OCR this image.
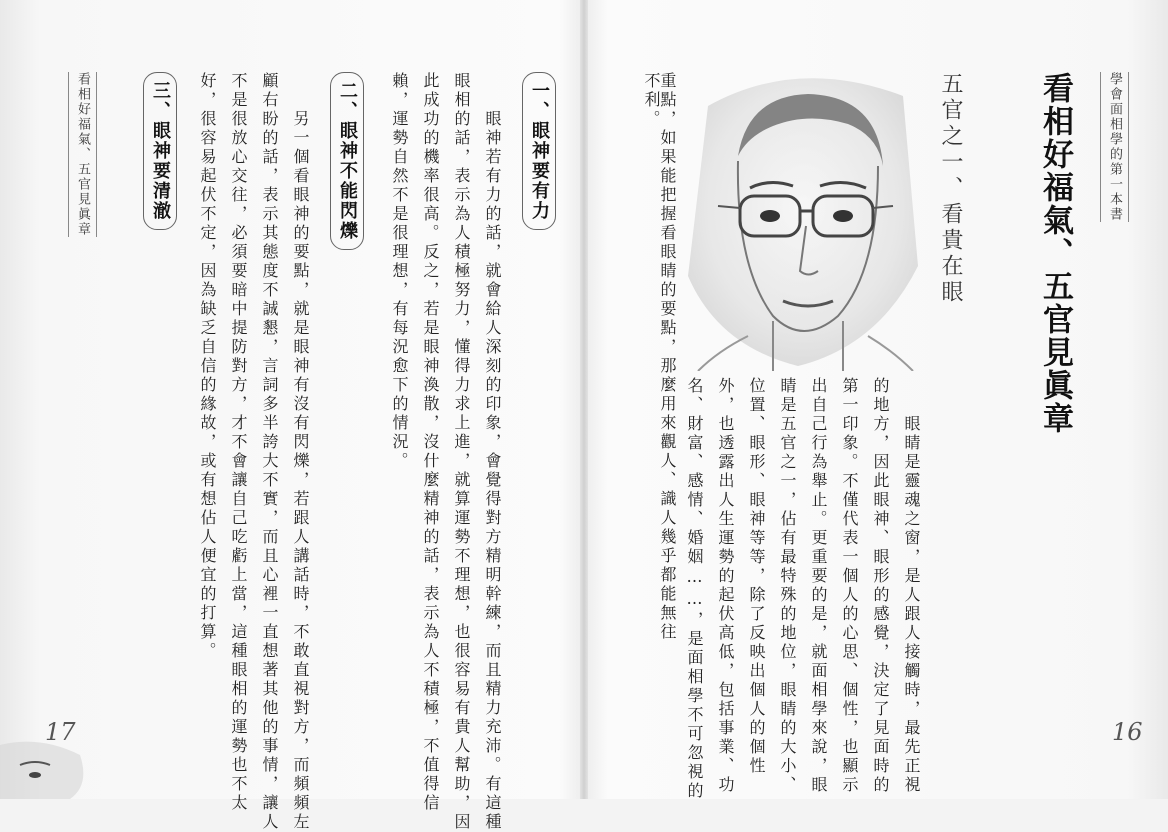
學會面相學的第一本書
看相好福氣、五官見眞章
五官之一、看貴在眼
眼睛是靈魂之窗，是人跟人接觸時，最先正視
的地方，因此眼神、眼形的感覺，決定了見面時的
第一印象。不僅代表一個人的心思、個性，也顯示
出自己行為舉止。更重要的是，就面相學來說，眼
睛是五官之一，佔有最特殊的地位，眼睛的大小、
位置、眼形、眼神等等，除了反映出個人的個性
外，也透露出人生運勢的起伏高低，包括事業、功
名、財富、感情、婚姻……，是面相學不可忽視的
重點，如果能把握看眼睛的要點，那麼用來觀人、識人幾乎都能無往不利。
16
看相好福氣、五官見眞章	一、眼神要有力
眼神若有力的話，就會給人深刻的印象，會覺得對方精明幹練，而且精力充沛。有這種
眼相的話，表示為人積極努力，懂得力求上進，就算運勢不理想，也很容易有貴人幫助，因
此成功的機率很高。反之，若是眼神渙散，沒什麼精神的話，表示為人不積極，不值得信
賴，運勢自然不是很理想，有每況愈下的情況。
二、眼神不能閃爍
另一個看眼神的要點，就是眼神有沒有閃爍，若跟人講話時，不敢直視對方，而頻頻左
顧右盼的話，表示其態度不誠懇，言詞多半誇大不實，而且心裡一直想著其他的事情，讓人
不是很放心交往，必須要暗中提防對方，才不會讓自己吃虧上當，這種眼相的運勢也不太
好，很容易起伏不定，因為缺乏自信的緣故，或有想佔人便宜的打算。
三、眼神要清澈
17
